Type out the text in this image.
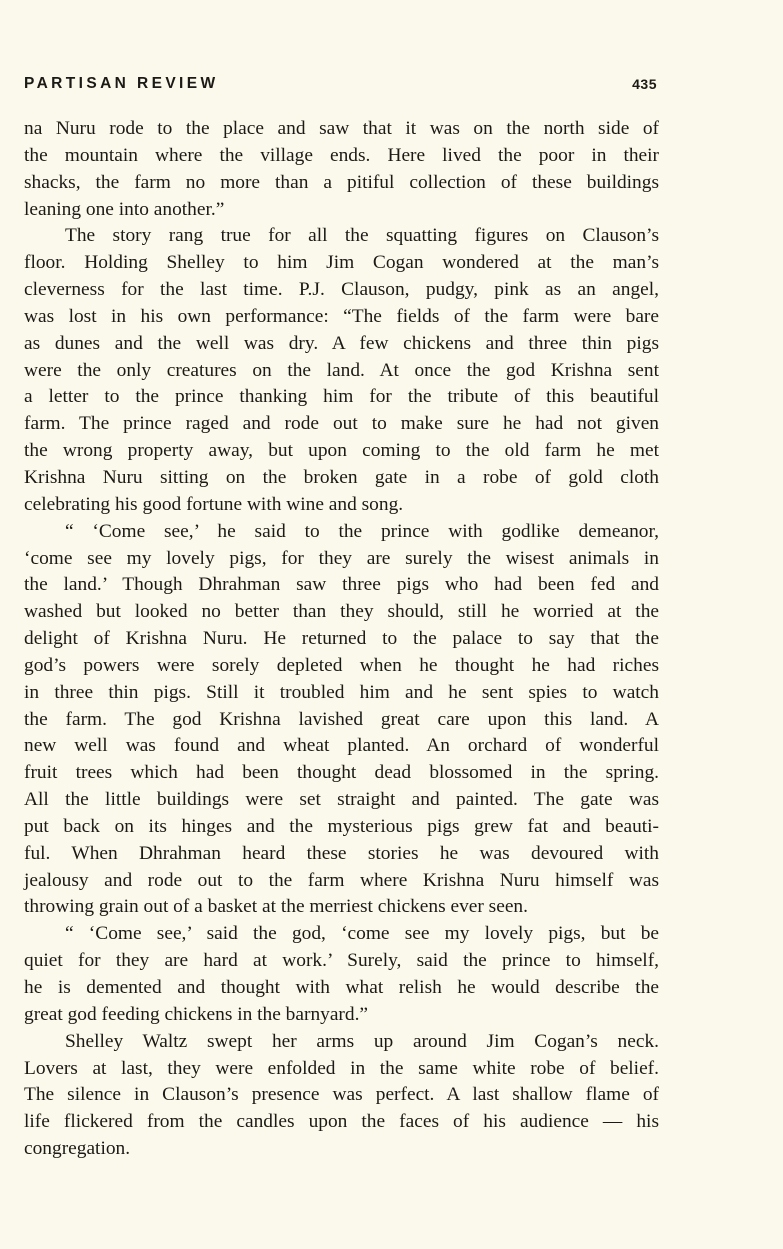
PARTISAN REVIEW	435
na Nuru rode to the place and saw that it was on the north side of
the mountain where the village ends. Here lived the poor in their
shacks, the farm no more than a pitiful collection of these buildings
leaning one into another.”
The story rang true for all the squatting figures on Clauson’s
floor. Holding Shelley to him Jim Cogan wondered at the man’s
cleverness for the last time. P.J. Clauson, pudgy, pink as an angel,
was lost in his own performance: “The fields of the farm were bare
as dunes and the well was dry. A few chickens and three thin pigs
were the only creatures on the land. At once the god Krishna sent
a letter to the prince thanking him for the tribute of this beautiful
farm. The prince raged and rode out to make sure he had not given
the wrong property away, but upon coming to the old farm he met
Krishna Nuru sitting on the broken gate in a robe of gold cloth
celebrating his good fortune with wine and song.
“ ‘Come see,’ he said to the prince with godlike demeanor,
‘come see my lovely pigs, for they are surely the wisest animals in
the land.’ Though Dhrahman saw three pigs who had been fed and
washed but looked no better than they should, still he worried at the
delight of Krishna Nuru. He returned to the palace to say that the
god’s powers were sorely depleted when he thought he had riches
in three thin pigs. Still it troubled him and he sent spies to watch
the farm. The god Krishna lavished great care upon this land. A
new well was found and wheat planted. An orchard of wonderful
fruit trees which had been thought dead blossomed in the spring.
All the little buildings were set straight and painted. The gate was
put back on its hinges and the mysterious pigs grew fat and beauti-
ful. When Dhrahman heard these stories he was devoured with
jealousy and rode out to the farm where Krishna Nuru himself was
throwing grain out of a basket at the merriest chickens ever seen.
“ ‘Come see,’ said the god, ‘come see my lovely pigs, but be
quiet for they are hard at work.’ Surely, said the prince to himself,
he is demented and thought with what relish he would describe the
great god feeding chickens in the barnyard.”
Shelley Waltz swept her arms up around Jim Cogan’s neck.
Lovers at last, they were enfolded in the same white robe of belief.
The silence in Clauson’s presence was perfect. A last shallow flame of
life flickered from the candles upon the faces of his audience — his
congregation.
